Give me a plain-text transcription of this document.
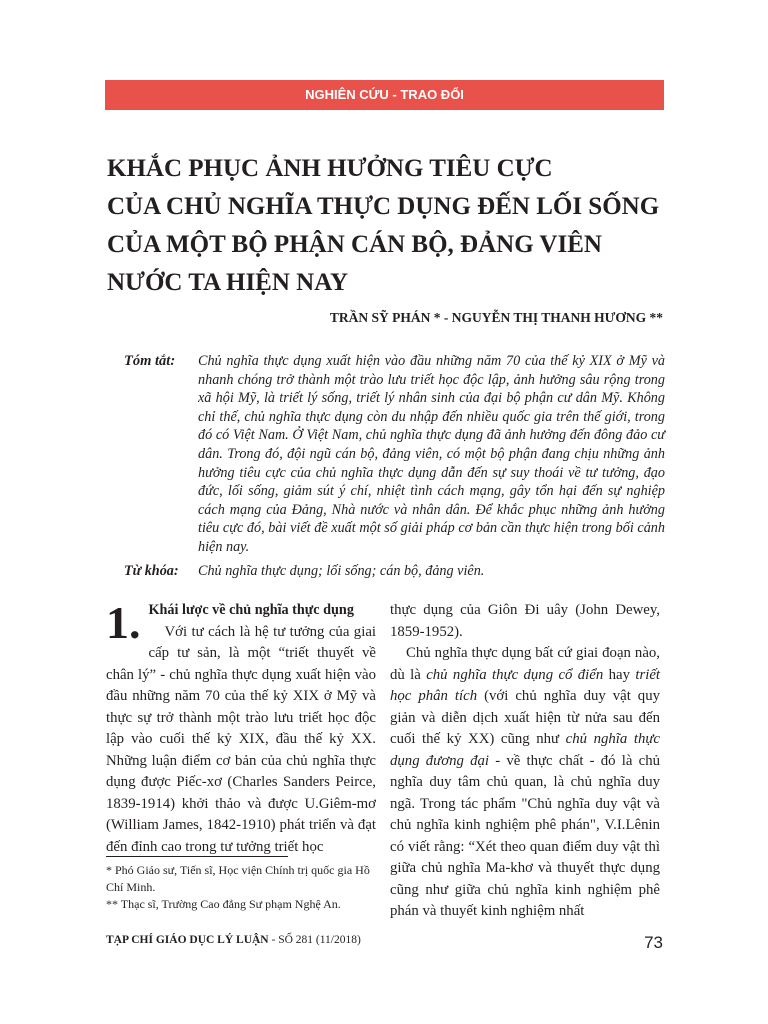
NGHIÊN CỨU - TRAO ĐỔI
KHẮC PHỤC ẢNH HƯỞNG TIÊU CỰC
CỦA CHỦ NGHĨA THỰC DỤNG ĐẾN LỐI SỐNG
CỦA MỘT BỘ PHẬN CÁN BỘ, ĐẢNG VIÊN
NƯỚC TA HIỆN NAY
TRẦN SỸ PHÁN * - NGUYỄN THỊ THANH HƯƠNG **
Tóm tắt: Chủ nghĩa thực dụng xuất hiện vào đầu những năm 70 của thế kỷ XIX ở Mỹ và nhanh chóng trở thành một trào lưu triết học độc lập, ảnh hưởng sâu rộng trong xã hội Mỹ, là triết lý sống, triết lý nhân sinh của đại bộ phận cư dân Mỹ. Không chỉ thế, chủ nghĩa thực dụng còn du nhập đến nhiều quốc gia trên thế giới, trong đó có Việt Nam. Ở Việt Nam, chủ nghĩa thực dụng đã ảnh hưởng đến đông đảo cư dân. Trong đó, đội ngũ cán bộ, đảng viên, có một bộ phận đang chịu những ảnh hưởng tiêu cực của chủ nghĩa thực dụng dẫn đến sự suy thoái về tư tưởng, đạo đức, lối sống, giảm sút ý chí, nhiệt tình cách mạng, gây tổn hại đến sự nghiệp cách mạng của Đảng, Nhà nước và nhân dân. Để khắc phục những ảnh hưởng tiêu cực đó, bài viết đề xuất một số giải pháp cơ bản cần thực hiện trong bối cảnh hiện nay.
Từ khóa: Chủ nghĩa thực dụng; lối sống; cán bộ, đảng viên.
1. Khái lược về chủ nghĩa thực dụng

Với tư cách là hệ tư tưởng của giai cấp tư sản, là một “triết thuyết về chân lý” - chủ nghĩa thực dụng xuất hiện vào đầu những năm 70 của thế kỷ XIX ở Mỹ và thực sự trở thành một trào lưu triết học độc lập vào cuối thế kỷ XIX, đầu thế kỷ XX. Những luận điểm cơ bản của chủ nghĩa thực dụng được Piếc-xơ (Charles Sanders Peirce, 1839-1914) khởi thảo và được U.Giêm-mơ (William James, 1842-1910) phát triển và đạt đến đỉnh cao trong tư tưởng triết học

thực dụng của Giôn Đi uây (John Dewey, 1859-1952).

Chủ nghĩa thực dụng bất cứ giai đoạn nào, dù là chủ nghĩa thực dụng cổ điển hay triết học phân tích (với chủ nghĩa duy vật quy giản và diễn dịch xuất hiện từ nửa sau đến cuối thế kỷ XX) cũng như chủ nghĩa thực dụng đương đại - về thực chất - đó là chủ nghĩa duy tâm chủ quan, là chủ nghĩa duy ngã. Trong tác phẩm "Chủ nghĩa duy vật và chủ nghĩa kinh nghiệm phê phán", V.I.Lênin có viết rằng: “Xét theo quan điểm duy vật thì giữa chủ nghĩa Ma-khơ và thuyết thực dụng cũng như giữa chủ nghĩa kinh nghiệm phê phán và thuyết kinh nghiệm nhất

* Phó Giáo sư, Tiến sĩ, Học viện Chính trị quốc gia Hồ Chí Minh.

** Thạc sĩ, Trường Cao đẳng Sư phạm Nghệ An.

TẠP CHÍ GIÁO DỤC LÝ LUẬN - SỐ 281 (11/2018)	73
